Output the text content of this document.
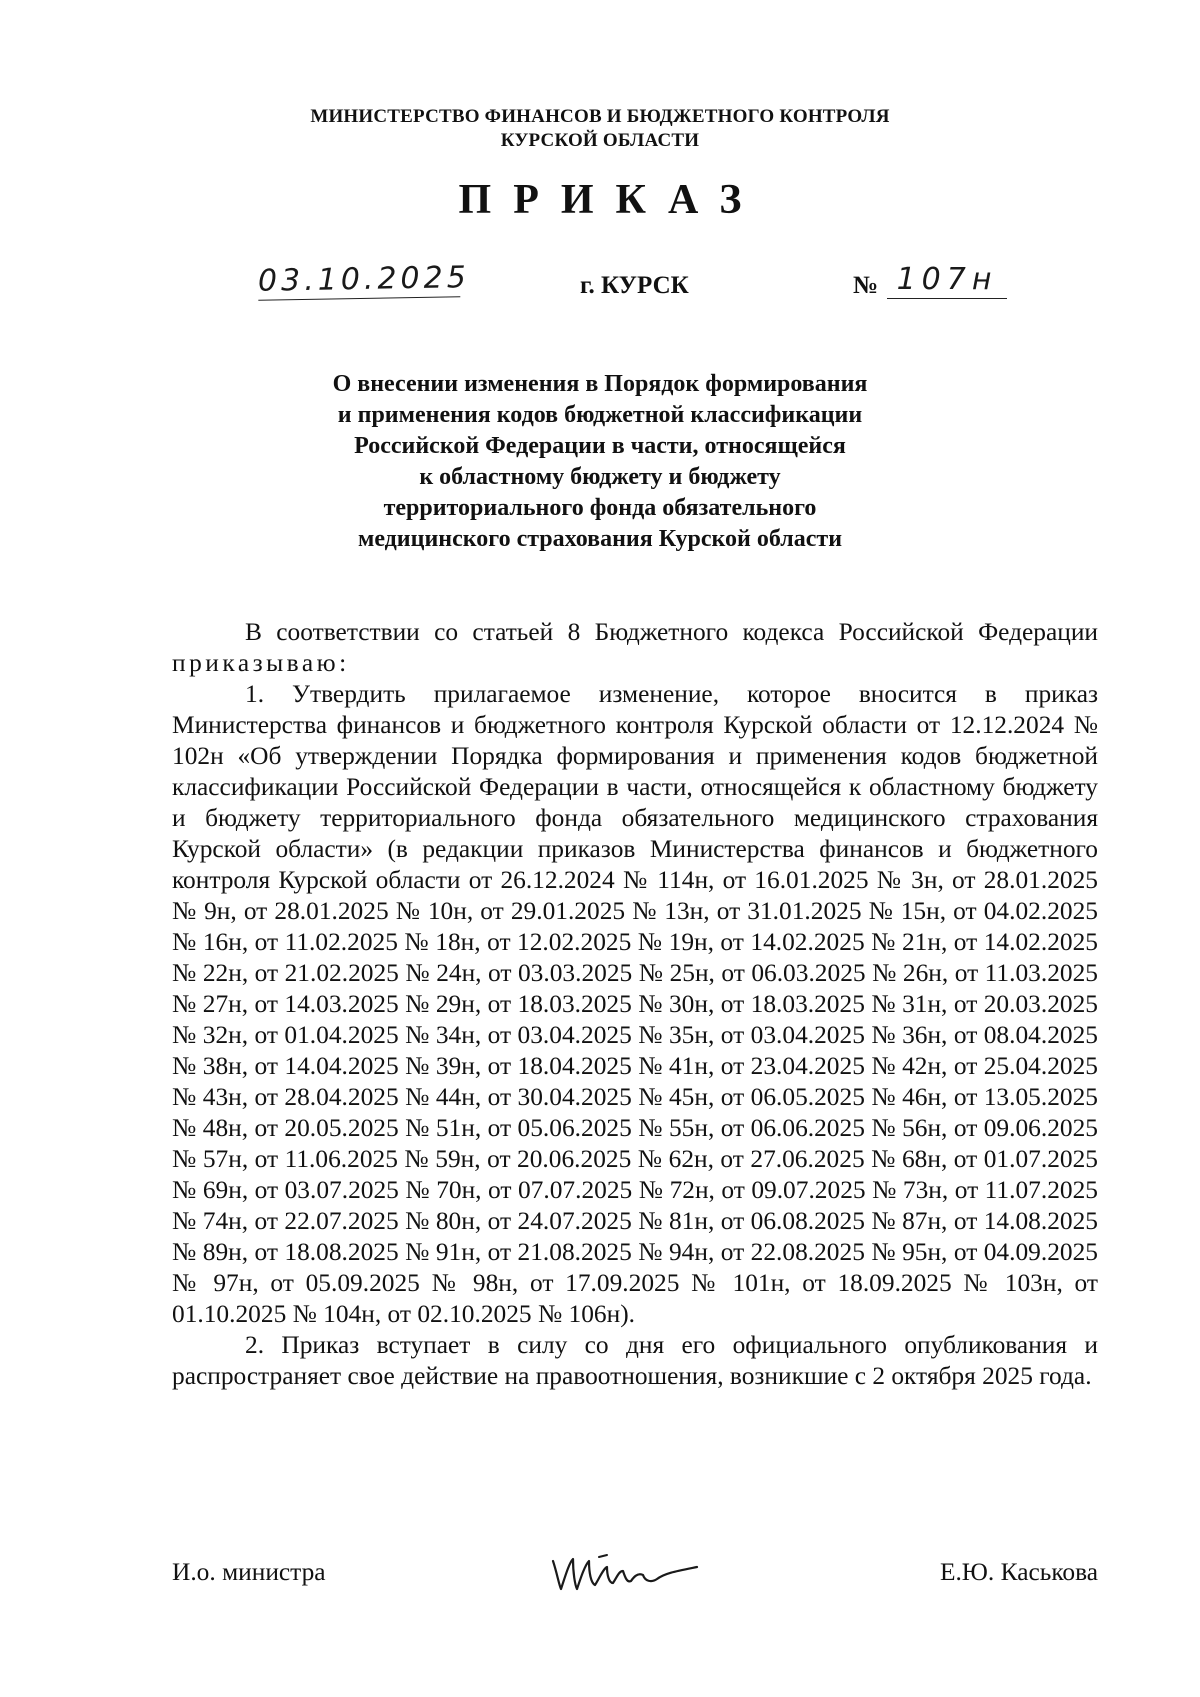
МИНИСТЕРСТВО ФИНАНСОВ И БЮДЖЕТНОГО КОНТРОЛЯ
КУРСКОЙ ОБЛАСТИ
ПРИКАЗ
03.10.2025	г. КУРСК	№ 107н
О внесении изменения в Порядок формирования
и применения кодов бюджетной классификации
Российской Федерации в части, относящейся
к областному бюджету и бюджету
территориального фонда обязательного
медицинского страхования Курской области

В соответствии со статьей 8 Бюджетного кодекса Российской Федерации приказываю:

1. Утвердить прилагаемое изменение, которое вносится в приказ Министерства финансов и бюджетного контроля Курской области от 12.12.2024 № 102н «Об утверждении Порядка формирования и применения кодов бюджетной классификации Российской Федерации в части, относящейся к областному бюджету и бюджету территориального фонда обязательного медицинского страхования Курской области» (в редакции приказов Министерства финансов и бюджетного контроля Курской области от 26.12.2024 № 114н, от 16.01.2025 № 3н, от 28.01.2025 № 9н, от 28.01.2025 № 10н, от 29.01.2025 № 13н, от 31.01.2025 № 15н, от 04.02.2025 № 16н, от 11.02.2025 № 18н, от 12.02.2025 № 19н, от 14.02.2025 № 21н, от 14.02.2025 № 22н, от 21.02.2025 № 24н, от 03.03.2025 № 25н, от 06.03.2025 № 26н, от 11.03.2025 № 27н, от 14.03.2025 № 29н, от 18.03.2025 № 30н, от 18.03.2025 № 31н, от 20.03.2025 № 32н, от 01.04.2025 № 34н, от 03.04.2025 № 35н, от 03.04.2025 № 36н, от 08.04.2025 № 38н, от 14.04.2025 № 39н, от 18.04.2025 № 41н, от 23.04.2025 № 42н, от 25.04.2025 № 43н, от 28.04.2025 № 44н, от 30.04.2025 № 45н, от 06.05.2025 № 46н, от 13.05.2025 № 48н, от 20.05.2025 № 51н, от 05.06.2025 № 55н, от 06.06.2025 № 56н, от 09.06.2025 № 57н, от 11.06.2025 № 59н, от 20.06.2025 № 62н, от 27.06.2025 № 68н, от 01.07.2025 № 69н, от 03.07.2025 № 70н, от 07.07.2025 № 72н, от 09.07.2025 № 73н, от 11.07.2025 № 74н, от 22.07.2025 № 80н, от 24.07.2025 № 81н, от 06.08.2025 № 87н, от 14.08.2025 № 89н, от 18.08.2025 № 91н, от 21.08.2025 № 94н, от 22.08.2025 № 95н, от 04.09.2025 № 97н, от 05.09.2025 № 98н, от 17.09.2025 № 101н, от 18.09.2025 № 103н, от 01.10.2025 № 104н, от 02.10.2025 № 106н).

2. Приказ вступает в силу со дня его официального опубликования и распространяет свое действие на правоотношения, возникшие с 2 октября 2025 года.

И.о. министра	Е.Ю. Каськова
